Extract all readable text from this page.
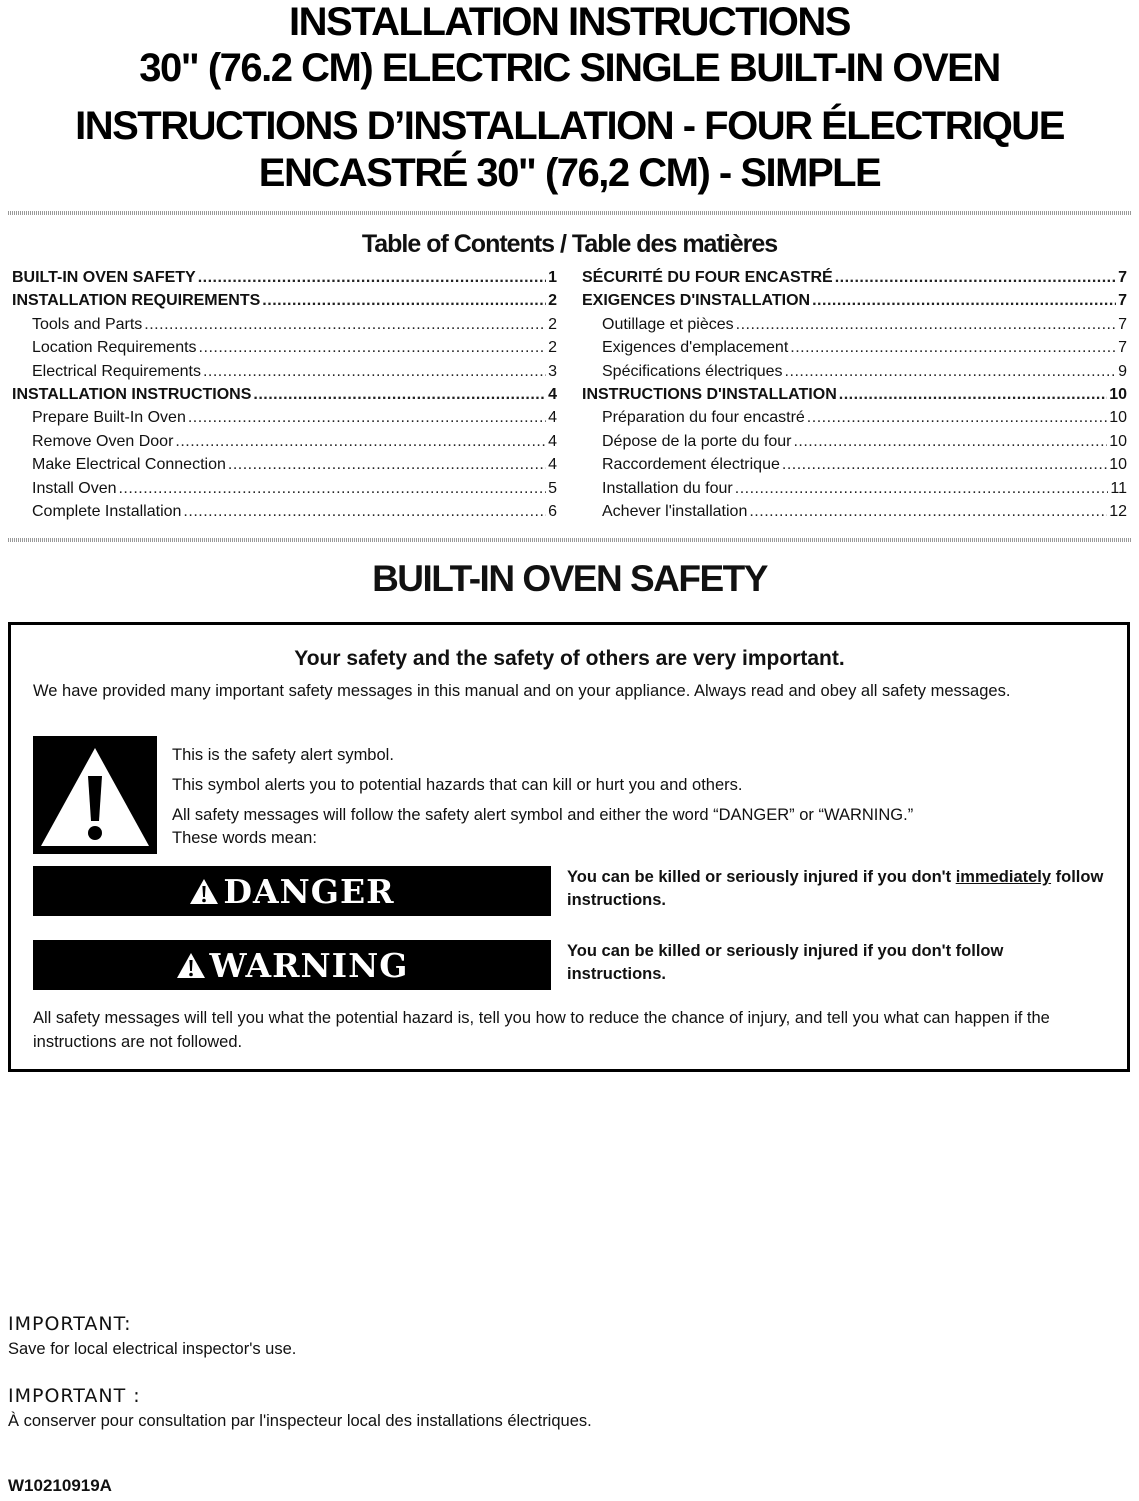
INSTALLATION INSTRUCTIONS
30" (76.2 CM) ELECTRIC SINGLE BUILT-IN OVEN
INSTRUCTIONS D’INSTALLATION - FOUR ÉLECTRIQUE
ENCASTRÉ 30" (76,2 CM) - SIMPLE
Table of Contents / Table des matières
BUILT-IN OVEN SAFETY .....	1
INSTALLATION REQUIREMENTS .....	2
Tools and Parts .....	2
Location Requirements .....	2
Electrical Requirements .....	3
INSTALLATION INSTRUCTIONS .....	4
Prepare Built-In Oven .....	4
Remove Oven Door .....	4
Make Electrical Connection .....	4
Install Oven .....	5
Complete Installation .....	6
SÉCURITÉ DU FOUR ENCASTRÉ .....	7
EXIGENCES D'INSTALLATION .....	7
Outillage et pièces .....	7
Exigences d'emplacement .....	7
Spécifications électriques .....	9
INSTRUCTIONS D'INSTALLATION .....	10
Préparation du four encastré .....	10
Dépose de la porte du four .....	10
Raccordement électrique .....	10
Installation du four .....	11
Achever l'installation .....	12
BUILT-IN OVEN SAFETY

Your safety and the safety of others are very important.

We have provided many important safety messages in this manual and on your appliance. Always read and obey all safety messages.

This is the safety alert symbol.

This symbol alerts you to potential hazards that can kill or hurt you and others.

All safety messages will follow the safety alert symbol and either the word “DANGER” or “WARNING.”

These words mean:

DANGER	You can be killed or seriously injured if you don't immediately follow instructions.

WARNING	You can be killed or seriously injured if you don't follow instructions.

All safety messages will tell you what the potential hazard is, tell you how to reduce the chance of injury, and tell you what can happen if the instructions are not followed.

IMPORTANT:

Save for local electrical inspector's use.

IMPORTANT :

À conserver pour consultation par l'inspecteur local des installations électriques.

W10210919A
